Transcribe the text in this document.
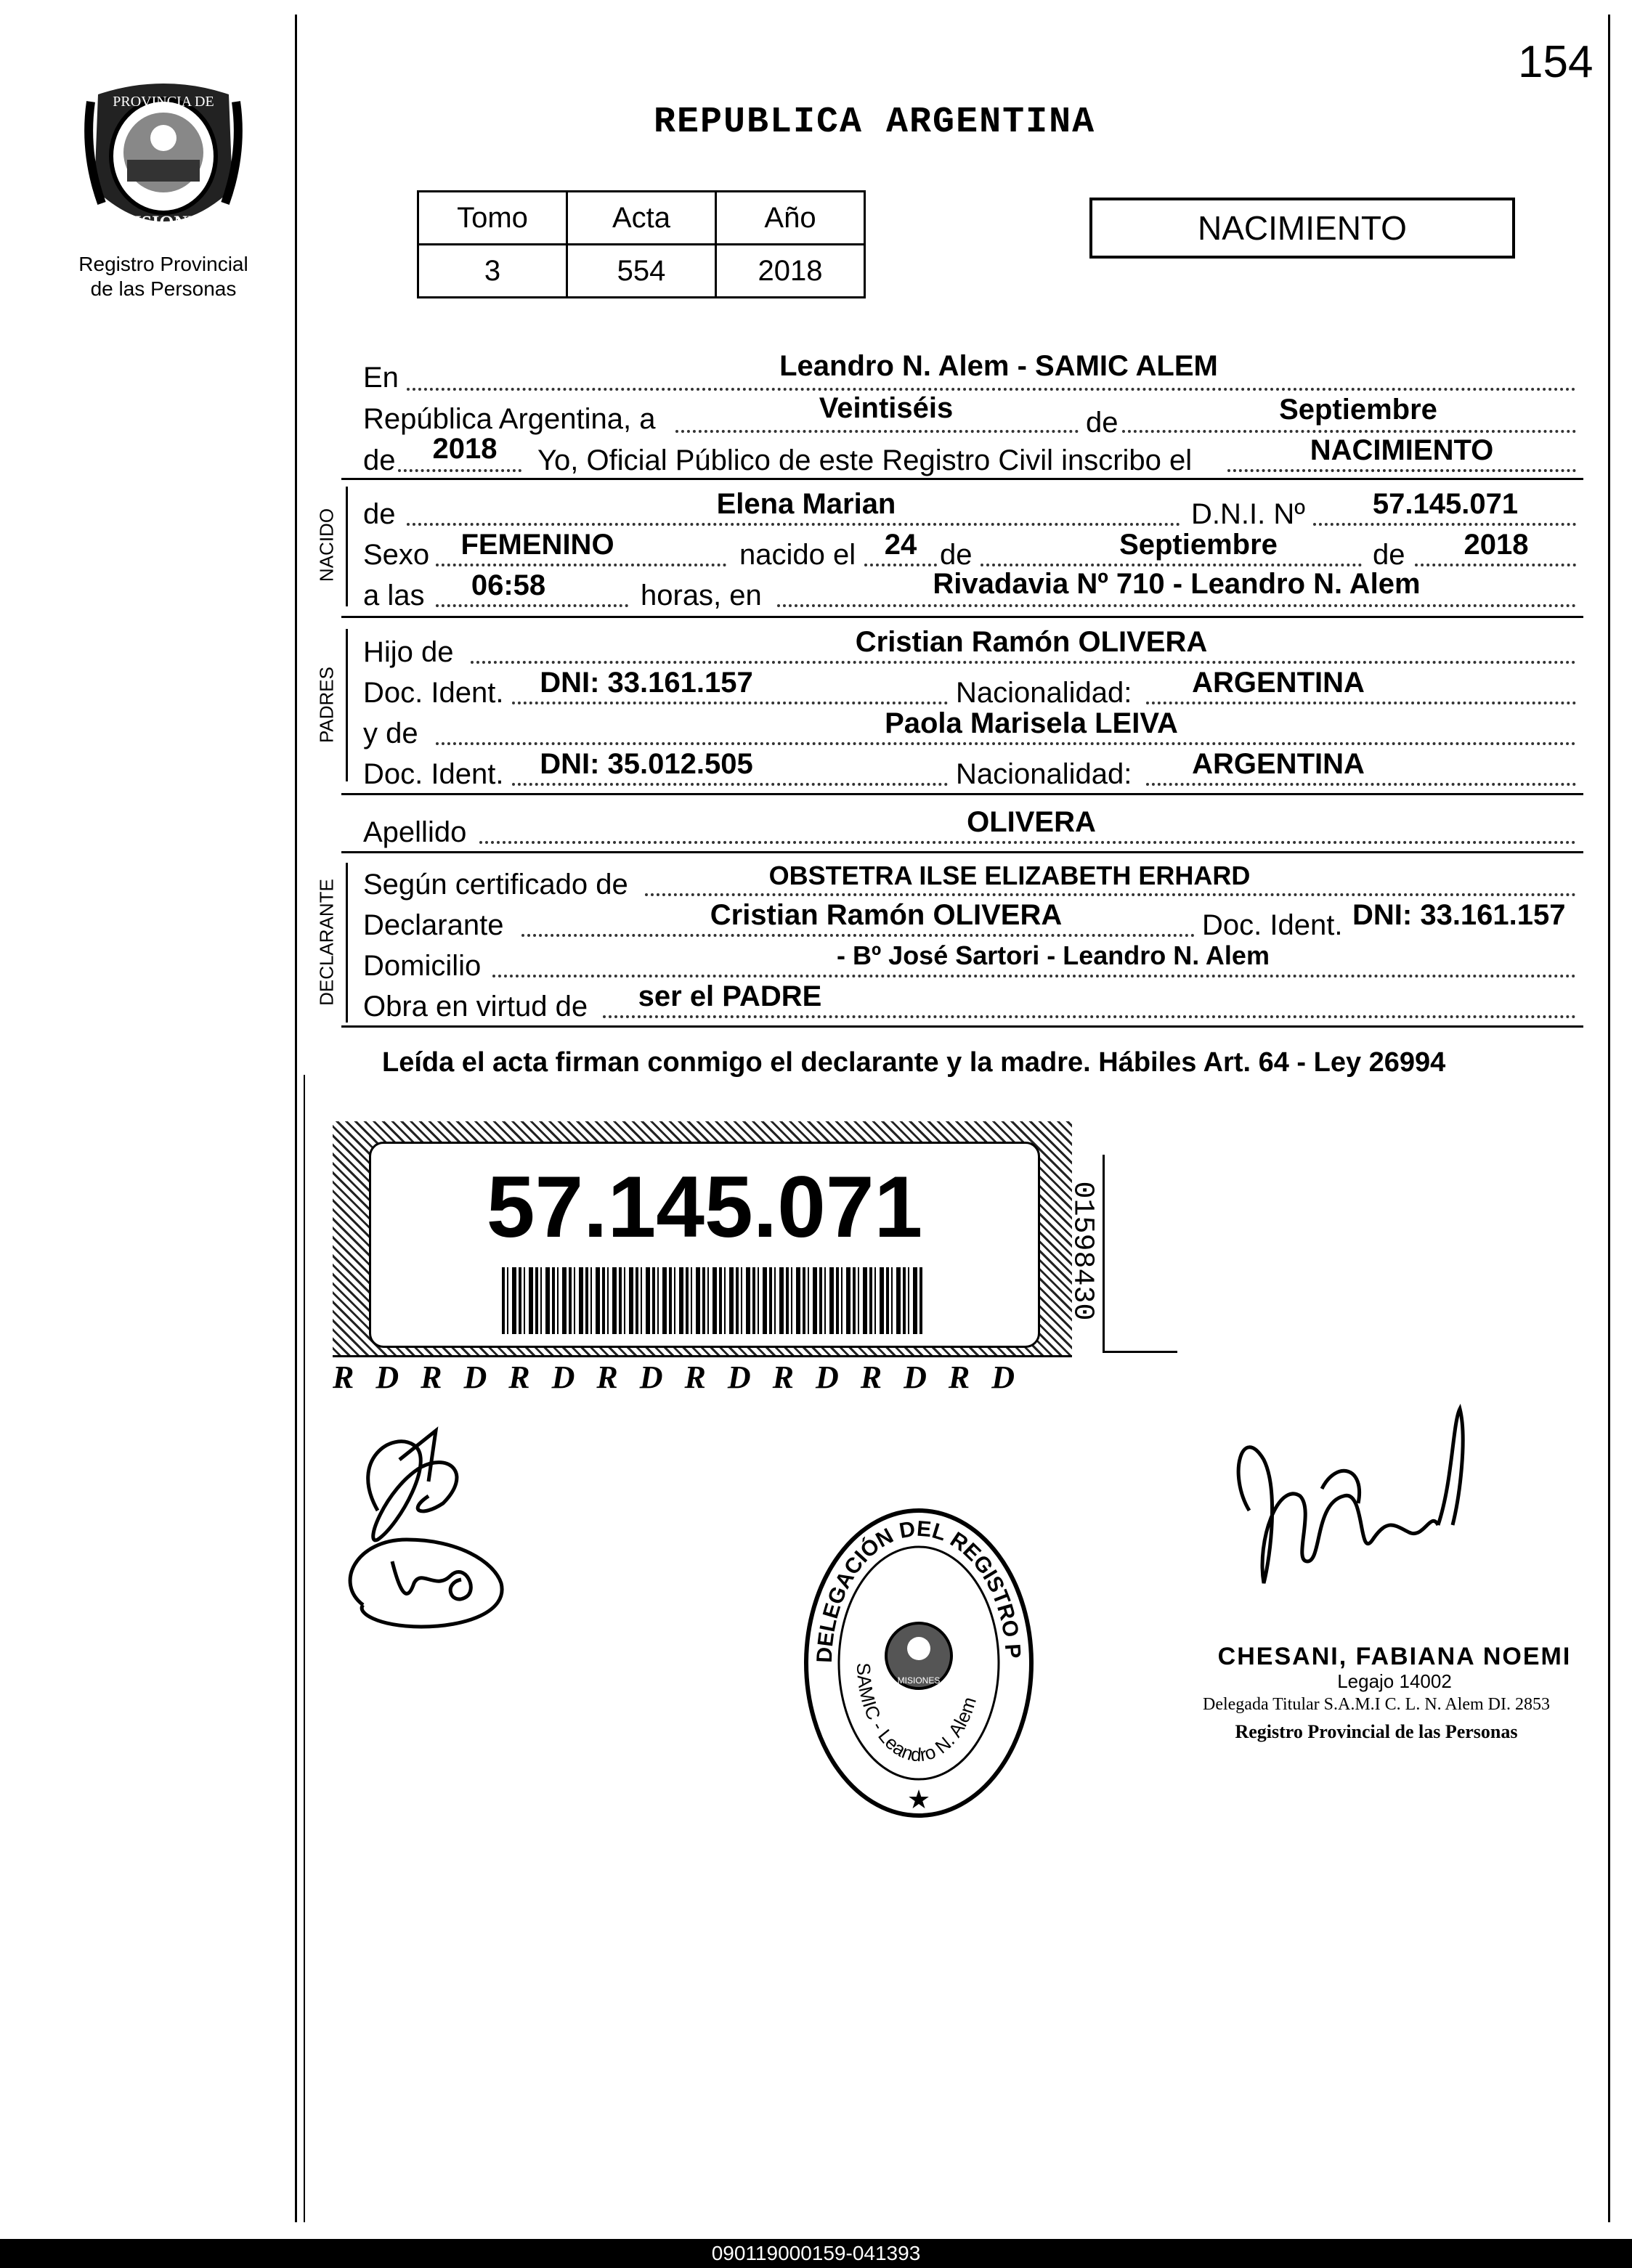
154
PROVINCIA DE
MISIONES
Registro Provincial
de las Personas
REPUBLICA ARGENTINA
Tomo	Acta	Año
3	554	2018
NACIMIENTO
En	Leandro N. Alem - SAMIC ALEM
República Argentina, a	Veintiséis	de	Septiembre
de	2018	Yo, Oficial Público de este Registro Civil inscribo el	NACIMIENTO
NACIDO de	Elena Marian	D.N.I. Nº	57.145.071
Sexo	FEMENINO	nacido el 24 de	Septiembre	de	2018
a las	06:58	horas, en	Rivadavia Nº 710 - Leandro N. Alem
PADRES
Hijo de	Cristian Ramón OLIVERA
Doc. Ident.	DNI: 33.161.157	Nacionalidad:	ARGENTINA
y de	Paola Marisela LEIVA
Doc. Ident.	DNI: 35.012.505	Nacionalidad:	ARGENTINA
Apellido	OLIVERA
DECLARANTE Según certificado de	OBSTETRA ILSE ELIZABETH ERHARD
Declarante	Cristian Ramón OLIVERA	Doc. Ident. DNI: 33.161.157
Domicilio	- Bº José Sartori - Leandro N. Alem
Obra en virtud de	ser el PADRE
Leída el acta firman conmigo el declarante y la madre. Hábiles Art. 64 - Ley 26994
RDRDRDRDRDRDRDRD
57.145.071	01598430
DELEGACIÓN DEL REGISTRO P
SAMIC - Leandro N. Alem
MISIONES
★
CHESANI, FABIANA NOEMI
Legajo 14002
Delegada Titular S.A.M.I C. L. N. Alem DI. 2853
Registro Provincial de las Personas
090119000159-041393
